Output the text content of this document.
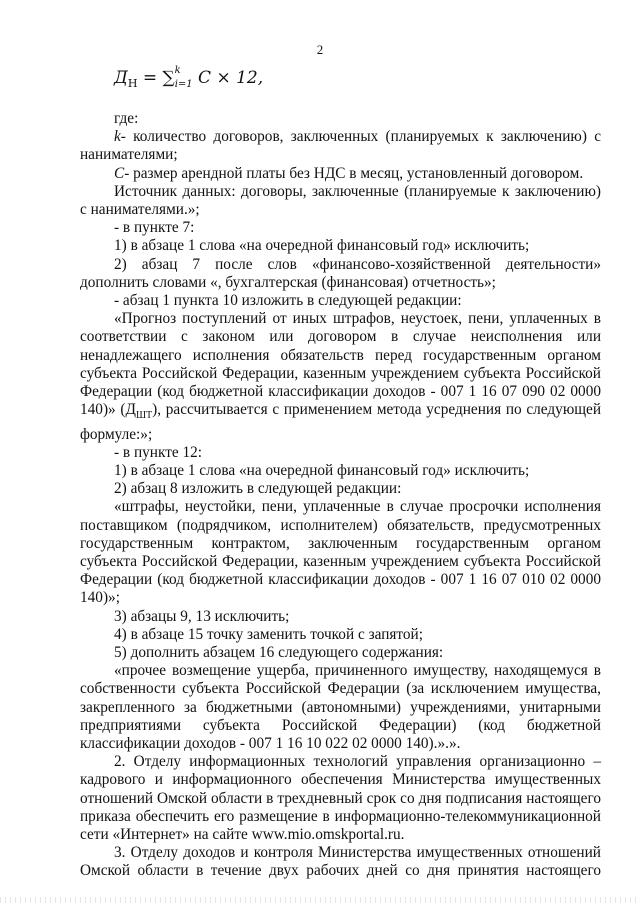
2
$Д_Н = \sum ki=1$ C × 12,

где:

k- количество договоров, заключенных (планируемых к заключению) с нанимателями;

C- размер арендной платы без НДС в месяц, установленный договором.

Источник данных: договоры, заключенные (планируемые к заключению) с нанимателями.»;

- в пункте 7:

1) в абзаце 1 слова «на очередной финансовый год» исключить;

2) абзац 7 после слов «финансово-хозяйственной деятельности» дополнить словами «, бухгалтерская (финансовая) отчетность»;

- абзац 1 пункта 10 изложить в следующей редакции:

«Прогноз поступлений от иных штрафов, неустоек, пени, уплаченных в соответствии с законом или договором в случае неисполнения или ненадлежащего исполнения обязательств перед государственным органом субъекта Российской Федерации, казенным учреждением субъекта Российской Федерации (код бюджетной классификации доходов - 007 1 16 07 090 02 0000 140)» $(Д_{ШТ})$, рассчитывается с применением метода усреднения по следующей формуле:»;

- в пункте 12:

1) в абзаце 1 слова «на очередной финансовый год» исключить;

2) абзац 8 изложить в следующей редакции:

«штрафы, неустойки, пени, уплаченные в случае просрочки исполнения поставщиком (подрядчиком, исполнителем) обязательств, предусмотренных государственным контрактом, заключенным государственным органом субъекта Российской Федерации, казенным учреждением субъекта Российской Федерации (код бюджетной классификации доходов - 007 1 16 07 010 02 0000 140)»;

3) абзацы 9, 13 исключить;

4) в абзаце 15 точку заменить точкой с запятой;

5) дополнить абзацем 16 следующего содержания:

«прочее возмещение ущерба, причиненного имуществу, находящемуся в собственности субъекта Российской Федерации (за исключением имущества, закрепленного за бюджетными (автономными) учреждениями, унитарными предприятиями субъекта Российской Федерации) (код бюджетной классификации доходов - 007 1 16 10 022 02 0000 140).».».

2. Отделу информационных технологий управления организационно – кадрового и информационного обеспечения Министерства имущественных отношений Омской области в трехдневный срок со дня подписания настоящего приказа обеспечить его размещение в информационно-телекоммуникационной сети «Интернет» на сайте www.mio.omskportal.ru.

3. Отделу доходов и контроля Министерства имущественных отношений Омской области в течение двух рабочих дней со дня принятия настоящего
